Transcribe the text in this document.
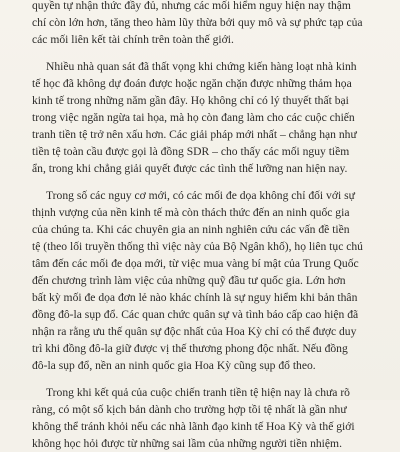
quyền tự nhận thức đầy đủ, nhưng các mối hiểm nguy hiện nay thậm
chí còn lớn hơn, tăng theo hàm lũy thừa bởi quy mô và sự phức tạp của
các mối liên kết tài chính trên toàn thế giới.
Nhiều nhà quan sát đã thất vọng khi chứng kiến hàng loạt nhà kinh
tế học đã không dự đoán được hoặc ngăn chặn được những thảm họa
kinh tế trong những năm gần đây. Họ không chỉ có lý thuyết thất bại
trong việc ngăn ngừa tai họa, mà họ còn đang làm cho các cuộc chiến
tranh tiền tệ trở nên xấu hơn. Các giải pháp mới nhất – chẳng hạn như
tiền tệ toàn cầu được gọi là đồng SDR – cho thấy các mối nguy tiềm
ẩn, trong khi chẳng giải quyết được các tình thế lưỡng nan hiện nay.
Trong số các nguy cơ mới, có các mối đe dọa không chỉ đối với sự
thịnh vượng của nền kinh tế mà còn thách thức đến an ninh quốc gia
của chúng ta. Khi các chuyên gia an ninh nghiên cứu các vấn đề tiền
tệ (theo lối truyền thống thì việc này của Bộ Ngân khố), họ liên tục chú
tâm đến các mối đe dọa mới, từ việc mua vàng bí mật của Trung Quốc
đến chương trình làm việc của những quỹ đầu tư quốc gia. Lớn hơn
bất kỳ mối đe dọa đơn lẻ nào khác chính là sự nguy hiểm khi bản thân
đồng đô-la sụp đổ. Các quan chức quân sự và tình báo cấp cao hiện đã
nhận ra rằng ưu thế quân sự độc nhất của Hoa Kỳ chỉ có thể được duy
trì khi đồng đô-la giữ được vị thế thương phong độc nhất. Nếu đồng
đô-la sụp đổ, nền an ninh quốc gia Hoa Kỳ cũng sụp đổ theo.
Trong khi kết quả của cuộc chiến tranh tiền tệ hiện nay là chưa rõ
ràng, có một số kịch bản dành cho trường hợp tồi tệ nhất là gần như
không thể tránh khỏi nếu các nhà lãnh đạo kinh tế Hoa Kỳ và thế giới
không học hỏi được từ những sai lầm của những người tiền nhiệm.
